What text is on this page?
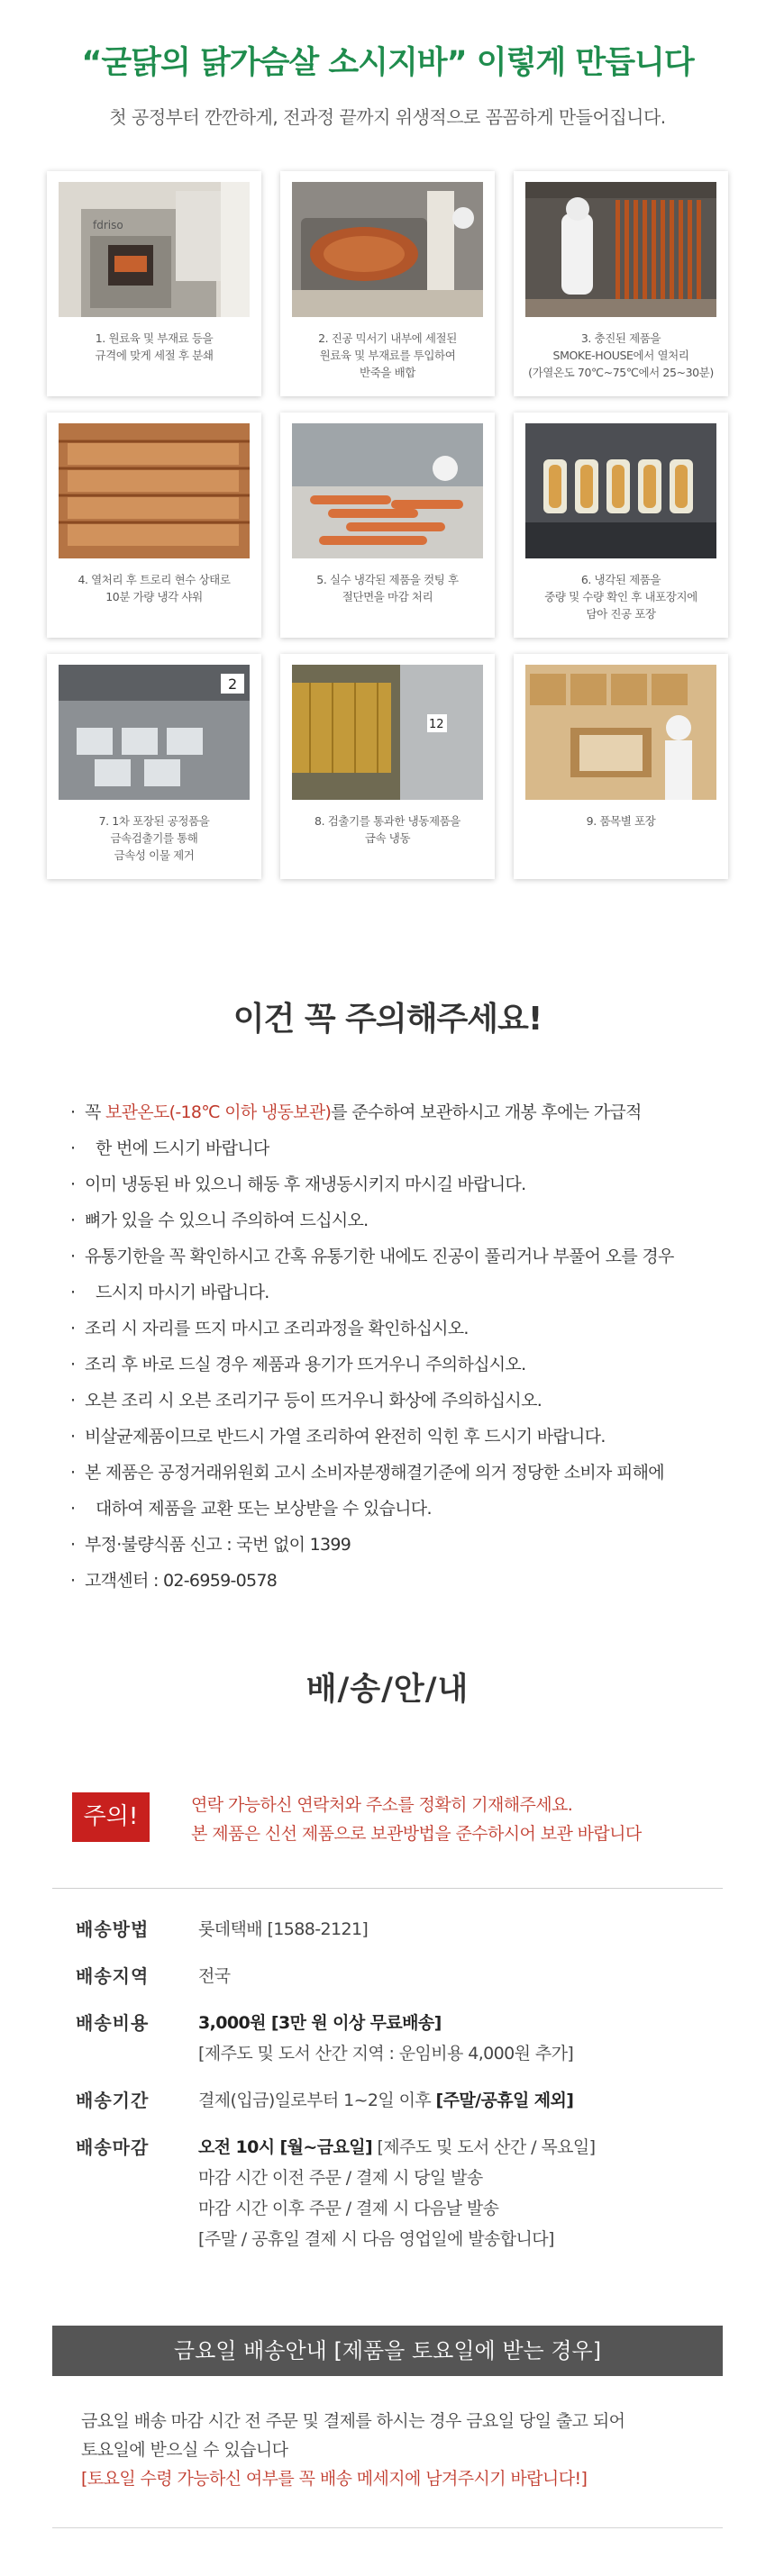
“굳닭의 닭가슴살 소시지바” 이렇게 만듭니다

첫 공정부터 깐깐하게, 전과정 끝까지 위생적으로 꼼꼼하게 만들어집니다.

fdriso

1. 원료육 및 부재료 등을
규격에 맞게 세절 후 분쇄

2. 진공 믹서기 내부에 세절된
원료육 및 부재료를 투입하여
반죽을 배합

3. 충진된 제품을
SMOKE-HOUSE에서 열처리
(가열온도 70℃~75℃에서 25~30분)

4. 열처리 후 트로리 현수 상태로
10분 가량 냉각 샤워

5. 실수 냉각된 제품을 컷팅 후
절단면을 마감 처리

6. 냉각된 제품을
중량 및 수량 확인 후 내포장지에
담아 진공 포장

2

7. 1차 포장된 공정품을
금속검출기를 통해
금속성 이물 제거

12

8. 검출기를 통과한 냉동제품을
급속 냉동

9. 품목별 포장

이건 꼭 주의해주세요!
· 꼭 보관온도(-18℃ 이하 냉동보관)를 준수하여 보관하시고 개봉 후에는 가급적
· 한 번에 드시기 바랍니다
· 이미 냉동된 바 있으니 해동 후 재냉동시키지 마시길 바랍니다.
· 뼈가 있을 수 있으니 주의하여 드십시오.
· 유통기한을 꼭 확인하시고 간혹 유통기한 내에도 진공이 풀리거나 부풀어 오를 경우
· 드시지 마시기 바랍니다.
· 조리 시 자리를 뜨지 마시고 조리과정을 확인하십시오.
· 조리 후 바로 드실 경우 제품과 용기가 뜨거우니 주의하십시오.
· 오븐 조리 시 오븐 조리기구 등이 뜨거우니 화상에 주의하십시오.
· 비살균제품이므로 반드시 가열 조리하여 완전히 익힌 후 드시기 바랍니다.
· 본 제품은 공정거래위원회 고시 소비자분쟁해결기준에 의거 정당한 소비자 피해에
· 대하여 제품을 교환 또는 보상받을 수 있습니다.
· 부정·불량식품 신고 : 국번 없이 1399
· 고객센터 : 02-6959-0578
배/송/안/내
주의!	연락 가능하신 연락처와 주소를 정확히 기재해주세요.
본 제품은 신선 제품으로 보관방법을 준수하시어 보관 바랍니다
배송방법	롯데택배 [1588-2121]
배송지역	전국
배송비용	3,000원 [3만 원 이상 무료배송]
[제주도 및 도서 산간 지역 : 운임비용 4,000원 추가]
배송기간	결제(입금)일로부터 1~2일 이후 [주말/공휴일 제외]
배송마감	오전 10시 [월~금요일] [제주도 및 도서 산간 / 목요일]
마감 시간 이전 주문 / 결제 시 당일 발송
마감 시간 이후 주문 / 결제 시 다음날 발송
[주말 / 공휴일 결제 시 다음 영업일에 발송합니다]
금요일 배송안내 [제품을 토요일에 받는 경우]
금요일 배송 마감 시간 전 주문 및 결제를 하시는 경우 금요일 당일 출고 되어
토요일에 받으실 수 있습니다
[토요일 수령 가능하신 여부를 꼭 배송 메세지에 남겨주시기 바랍니다!]
